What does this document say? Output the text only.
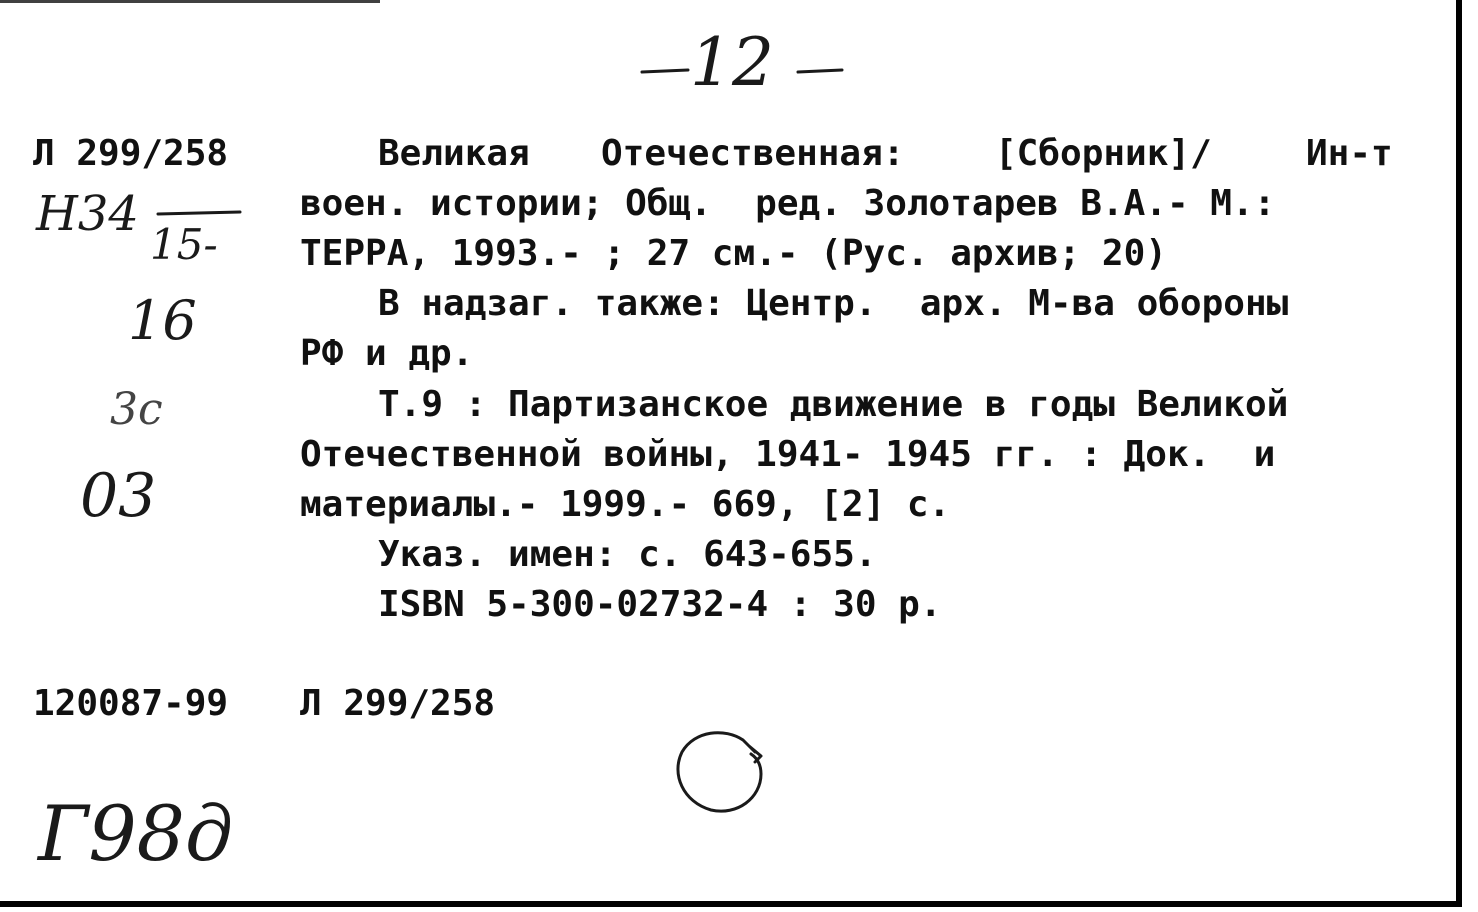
12
Л 299/258
Н34
15-
16
3с
03
Великая Отечественная:	[Сборник]/	Ин-т
воен. истории; Общ.  ред. Золотарев В.А.- М.:
ТЕРРА, 1993.- ; 27 см.- (Рус. архив; 20)
В надзаг. также: Центр.  арх. М-ва обороны
РФ и др.
Т.9 : Партизанское движение в годы Великой
Отечественной войны, 1941- 1945 гг. : Док.  и
материалы.- 1999.- 669, [2] с.
Указ. имен: с. 643-655.
ISBN 5-300-02732-4 : 30 р.
120087-99 Л 299/258
Г98д
